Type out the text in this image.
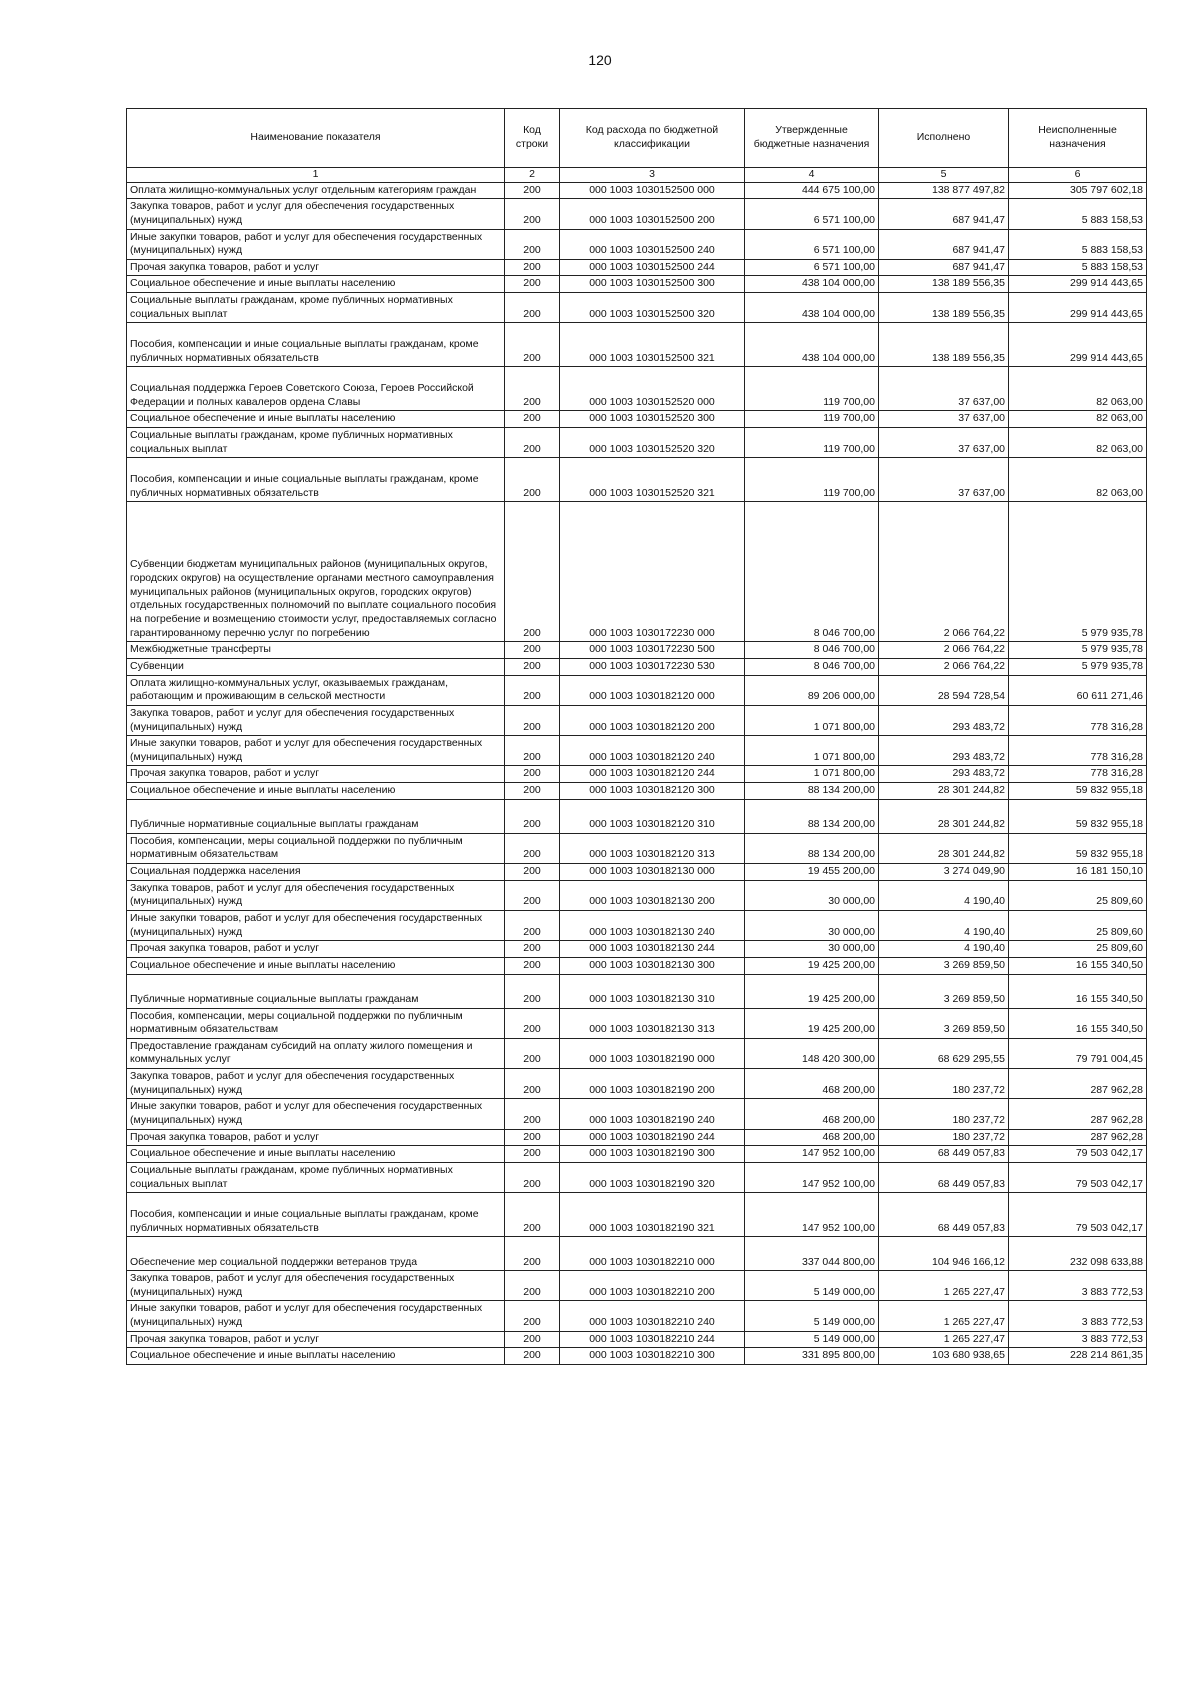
120
Наименование показателя	Код строки	Код расхода по бюджетной классификации	Утвержденные бюджетные назначения	Исполнено	Неисполненные назначения
1	2	3	4	5	6
Оплата жилищно-коммунальных услуг отдельным категориям граждан	200	000 1003 1030152500 000	444 675 100,00	138 877 497,82	305 797 602,18
Закупка товаров, работ и услуг для обеспечения государственных (муниципальных) нужд	200	000 1003 1030152500 200	6 571 100,00	687 941,47	5 883 158,53
Иные закупки товаров, работ и услуг для обеспечения государственных (муниципальных) нужд	200	000 1003 1030152500 240	6 571 100,00	687 941,47	5 883 158,53
Прочая закупка товаров, работ и услуг	200	000 1003 1030152500 244	6 571 100,00	687 941,47	5 883 158,53
Социальное обеспечение и иные выплаты населению	200	000 1003 1030152500 300	438 104 000,00	138 189 556,35	299 914 443,65
Социальные выплаты гражданам, кроме публичных нормативных социальных выплат	200	000 1003 1030152500 320	438 104 000,00	138 189 556,35	299 914 443,65
Пособия, компенсации и иные социальные выплаты гражданам, кроме публичных нормативных обязательств	200	000 1003 1030152500 321	438 104 000,00	138 189 556,35	299 914 443,65
Социальная поддержка Героев Советского Союза, Героев Российской Федерации и полных кавалеров ордена Славы	200	000 1003 1030152520 000	119 700,00	37 637,00	82 063,00
Социальное обеспечение и иные выплаты населению	200	000 1003 1030152520 300	119 700,00	37 637,00	82 063,00
Социальные выплаты гражданам, кроме публичных нормативных социальных выплат	200	000 1003 1030152520 320	119 700,00	37 637,00	82 063,00
Пособия, компенсации и иные социальные выплаты гражданам, кроме публичных нормативных обязательств	200	000 1003 1030152520 321	119 700,00	37 637,00	82 063,00
Субвенции бюджетам муниципальных районов (муниципальных округов, городских округов) на осуществление органами местного самоуправления муниципальных районов (муниципальных округов, городских округов) отдельных государственных полномочий по выплате социального пособия на погребение и возмещению стоимости услуг, предоставляемых согласно гарантированному перечню услуг по погребению	200	000 1003 1030172230 000	8 046 700,00	2 066 764,22	5 979 935,78
Межбюджетные трансферты	200	000 1003 1030172230 500	8 046 700,00	2 066 764,22	5 979 935,78
Субвенции	200	000 1003 1030172230 530	8 046 700,00	2 066 764,22	5 979 935,78
Оплата жилищно-коммунальных услуг, оказываемых гражданам, работающим и проживающим в сельской местности	200	000 1003 1030182120 000	89 206 000,00	28 594 728,54	60 611 271,46
Закупка товаров, работ и услуг для обеспечения государственных (муниципальных) нужд	200	000 1003 1030182120 200	1 071 800,00	293 483,72	778 316,28
Иные закупки товаров, работ и услуг для обеспечения государственных (муниципальных) нужд	200	000 1003 1030182120 240	1 071 800,00	293 483,72	778 316,28
Прочая закупка товаров, работ и услуг	200	000 1003 1030182120 244	1 071 800,00	293 483,72	778 316,28
Социальное обеспечение и иные выплаты населению	200	000 1003 1030182120 300	88 134 200,00	28 301 244,82	59 832 955,18
Публичные нормативные социальные выплаты гражданам	200	000 1003 1030182120 310	88 134 200,00	28 301 244,82	59 832 955,18
Пособия, компенсации, меры социальной поддержки по публичным нормативным обязательствам	200	000 1003 1030182120 313	88 134 200,00	28 301 244,82	59 832 955,18
Социальная поддержка населения	200	000 1003 1030182130 000	19 455 200,00	3 274 049,90	16 181 150,10
Закупка товаров, работ и услуг для обеспечения государственных (муниципальных) нужд	200	000 1003 1030182130 200	30 000,00	4 190,40	25 809,60
Иные закупки товаров, работ и услуг для обеспечения государственных (муниципальных) нужд	200	000 1003 1030182130 240	30 000,00	4 190,40	25 809,60
Прочая закупка товаров, работ и услуг	200	000 1003 1030182130 244	30 000,00	4 190,40	25 809,60
Социальное обеспечение и иные выплаты населению	200	000 1003 1030182130 300	19 425 200,00	3 269 859,50	16 155 340,50
Публичные нормативные социальные выплаты гражданам	200	000 1003 1030182130 310	19 425 200,00	3 269 859,50	16 155 340,50
Пособия, компенсации, меры социальной поддержки по публичным нормативным обязательствам	200	000 1003 1030182130 313	19 425 200,00	3 269 859,50	16 155 340,50
Предоставление гражданам субсидий на оплату жилого помещения и коммунальных услуг	200	000 1003 1030182190 000	148 420 300,00	68 629 295,55	79 791 004,45
Закупка товаров, работ и услуг для обеспечения государственных (муниципальных) нужд	200	000 1003 1030182190 200	468 200,00	180 237,72	287 962,28
Иные закупки товаров, работ и услуг для обеспечения государственных (муниципальных) нужд	200	000 1003 1030182190 240	468 200,00	180 237,72	287 962,28
Прочая закупка товаров, работ и услуг	200	000 1003 1030182190 244	468 200,00	180 237,72	287 962,28
Социальное обеспечение и иные выплаты населению	200	000 1003 1030182190 300	147 952 100,00	68 449 057,83	79 503 042,17
Социальные выплаты гражданам, кроме публичных нормативных социальных выплат	200	000 1003 1030182190 320	147 952 100,00	68 449 057,83	79 503 042,17
Пособия, компенсации и иные социальные выплаты гражданам, кроме публичных нормативных обязательств	200	000 1003 1030182190 321	147 952 100,00	68 449 057,83	79 503 042,17
Обеспечение мер социальной поддержки ветеранов труда	200	000 1003 1030182210 000	337 044 800,00	104 946 166,12	232 098 633,88
Закупка товаров, работ и услуг для обеспечения государственных (муниципальных) нужд	200	000 1003 1030182210 200	5 149 000,00	1 265 227,47	3 883 772,53
Иные закупки товаров, работ и услуг для обеспечения государственных (муниципальных) нужд	200	000 1003 1030182210 240	5 149 000,00	1 265 227,47	3 883 772,53
Прочая закупка товаров, работ и услуг	200	000 1003 1030182210 244	5 149 000,00	1 265 227,47	3 883 772,53
Социальное обеспечение и иные выплаты населению	200	000 1003 1030182210 300	331 895 800,00	103 680 938,65	228 214 861,35
